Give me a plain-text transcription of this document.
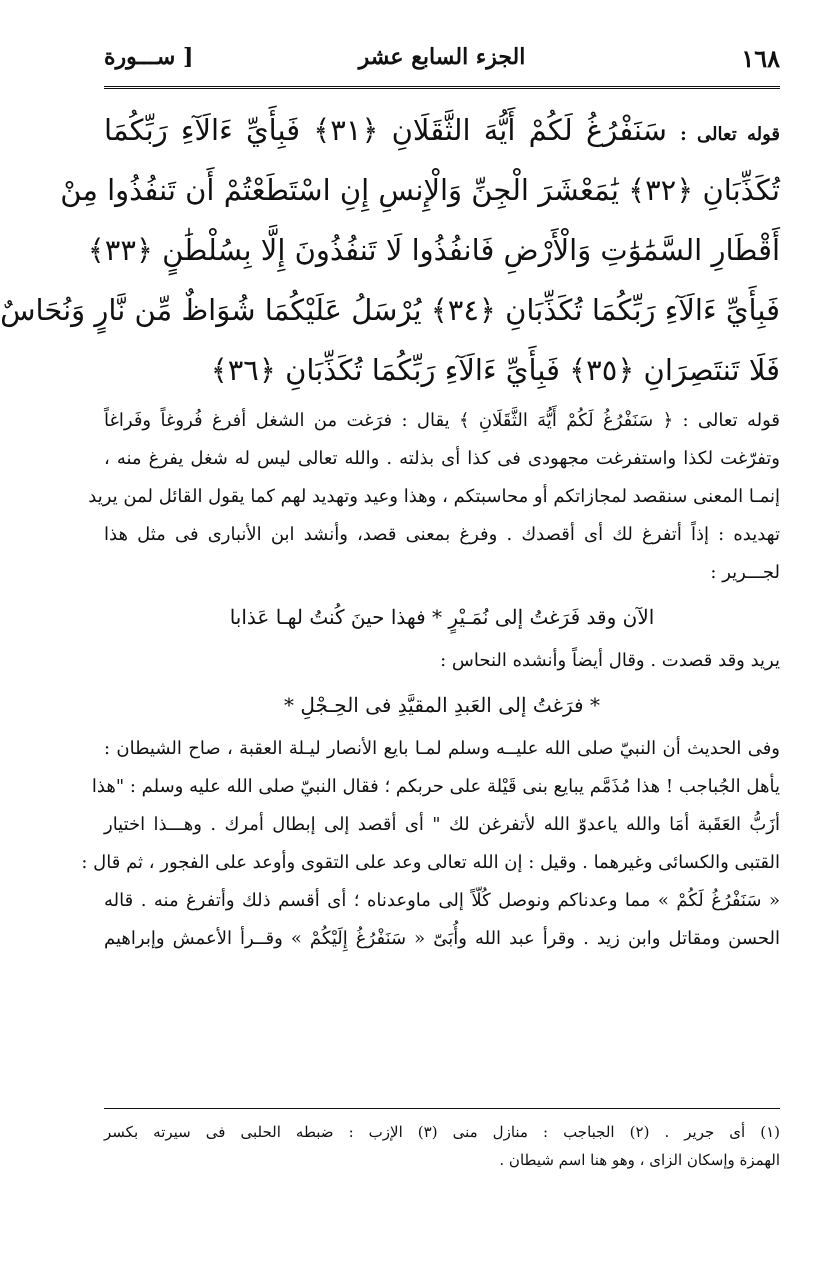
١٦٨
الجزء السابع عشر
[ ســـورة
قوله تعالى : سَنَفْرُغُ لَكُمْ أَيُّهَ الثَّقَلَانِ ﴿٣١﴾ فَبِأَيِّ ءَالَآءِ رَبِّكُمَا
تُكَذِّبَانِ ﴿٣٢﴾ يَٰمَعْشَرَ الْجِنِّ وَالْإِنسِ إِنِ اسْتَطَعْتُمْ أَن تَنفُذُوا مِنْ
أَقْطَارِ السَّمَٰوَٰتِ وَالْأَرْضِ فَانفُذُوا لَا تَنفُذُونَ إِلَّا بِسُلْطَٰنٍ ﴿٣٣﴾
فَبِأَيِّ ءَالَآءِ رَبِّكُمَا تُكَذِّبَانِ ﴿٣٤﴾ يُرْسَلُ عَلَيْكُمَا شُوَاظٌ مِّن نَّارٍ وَنُحَاسٌ
فَلَا تَنتَصِرَانِ ﴿٣٥﴾ فَبِأَيِّ ءَالَآءِ رَبِّكُمَا تُكَذِّبَانِ ﴿٣٦﴾
قوله تعالى : ﴿ سَنَفْرُغُ لَكُمْ أَيُّهَ الثَّقَلَانِ ﴾ يقال : فرَغت من الشغل أفرغ فُروغاً وفَراغاً
وتفرّغت لكذا واستفرغت مجهودى فى كذا أى بذلته . والله تعالى ليس له شغل يفرغ منه ،
إنمـا المعنى سنقصد لمجازاتكم أو محاسبتكم ، وهذا وعيد وتهديد لهم كما يقول القائل لمن يريد
تهديده : إذاً أتفرغ لك أى أقصدك . وفرغ بمعنى قصد، وأنشد ابن الأنبارى فى مثل هذا
لجـــرير :
الآن وقد فَرَغتُ إلى نُمَـيْرٍ * فهذا حينَ كُنتُ لهـا عَذابا
يريد وقد قصدت . وقال أيضاً وأنشده النحاس :
* فرَغتُ إلى العَبدِ المقيَّدِ فى الحِـجْلِ *
وفى الحديث أن النبيّ صلى الله عليــه وسلم لمـا بايع الأنصار ليـلة العقبة ، صاح الشيطان :
يأهل الجُباجب ! هذا مُذَمَّم يبايع بنى قَيْلة على حربكم ؛ فقال النبيّ صلى الله عليه وسلم : "هذا
أزَبُّ العَقَبة أمَا والله ياعدوّ الله لأتفرغن لك " أى أقصد إلى إبطال أمرك . وهـــذا اختيار
القتبى والكسائى وغيرهما . وقيل : إن الله تعالى وعد على التقوى وأوعد على الفجور ، ثم قال :
« سَنَفْرُغُ لَكُمْ » مما وعدناكم ونوصل كُلّاً إلى ماوعدناه ؛ أى أقسم ذلك وأتفرغ منه . قاله
الحسن ومقاتل وابن زيد . وقرأ عبد الله وأُبَىّ « سَنَفْرُغُ إِلَيْكُمْ » وقــرأ الأعمش وإبراهيم
(١) أى جرير . (٢) الجباجب : منازل منى (٣) الإزب : ضبطه الحلبى فى سيرته بكسر
الهمزة وإسكان الزاى ، وهو هنا اسم شيطان .
